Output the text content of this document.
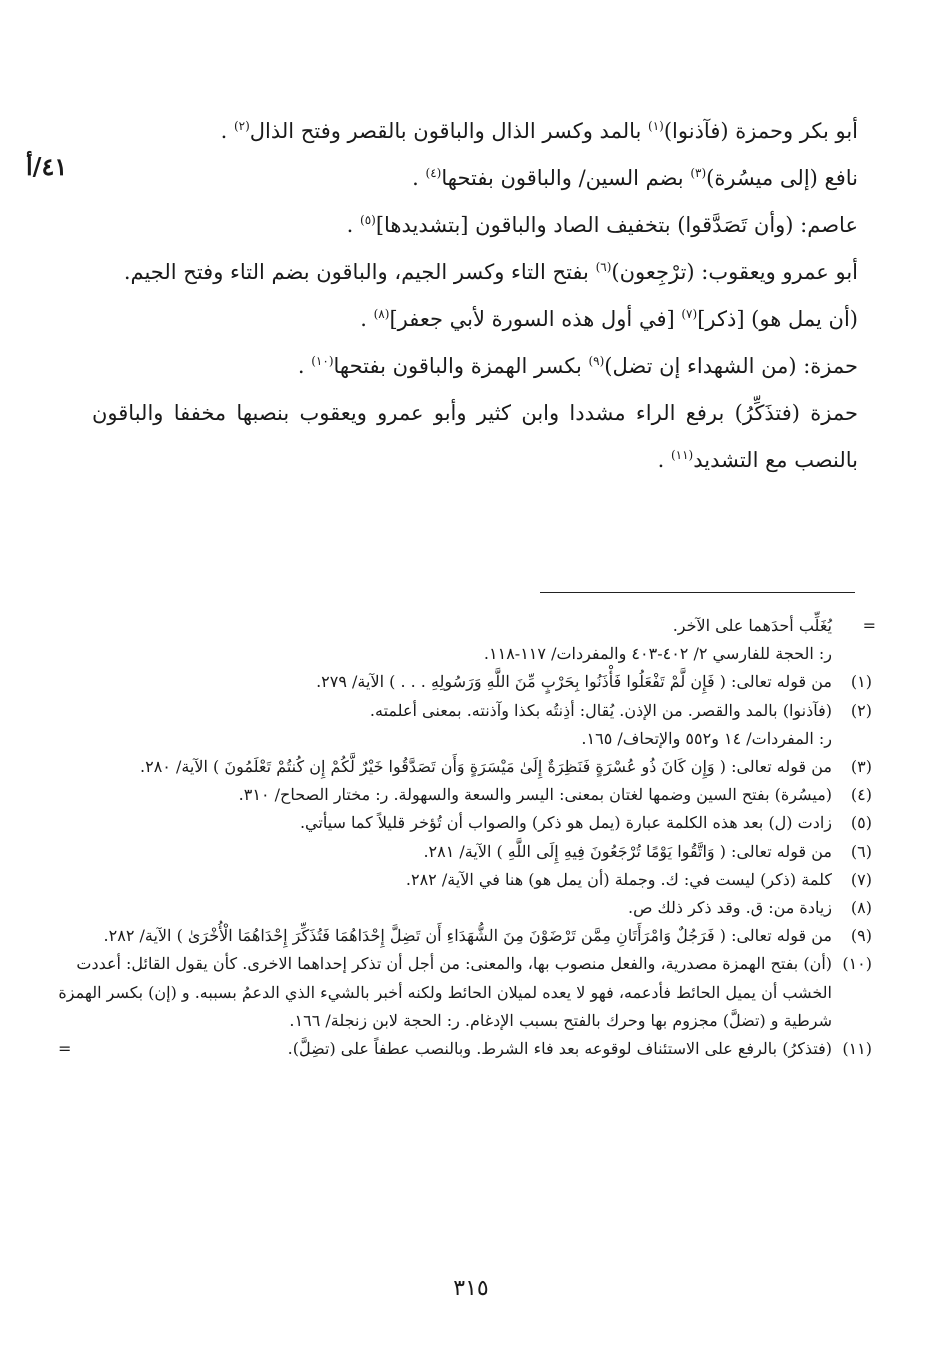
٤١/أ

أبو بكر وحمزة (فآذنوا)$^{(١)}$ بالمد وكسر الذال والباقون بالقصر وفتح الذال$^{(٢)}$ .

نافع (إلى ميسُرة)$^{(٣)}$ بضم السين/ والباقون بفتحها$^{(٤)}$ .

عاصم: (وأن تَصَدَّقوا) بتخفيف الصاد والباقون [بتشديدها]$^{(٥)}$ .

أبو عمرو ويعقوب: (ترْجِعون)$^{(٦)}$ بفتح التاء وكسر الجيم، والباقون بضم التاء وفتح الجيم.

(أن يمل هو) [ذكر]$^{(٧)}$ [في أول هذه السورة لأبي جعفر]$^{(٨)}$ .

حمزة: (من الشهداء إن تضل)$^{(٩)}$ بكسر الهمزة والباقون بفتحها$^{(١٠)}$ .

حمزة (فتذَكِّرُ) برفع الراء مشددا وابن كثير وأبو عمرو ويعقوب بنصبها مخففا والباقون بالنصب مع التشديد$^{(١١)}$ .

=
يُغَلِّب أحدَهما على الآخر.
ر: الحجة للفارسي ٢/ ٤٠٢-٤٠٣ والمفردات/ ١١٧-١١٨.
(١)
من قوله تعالى: ( فَإِن لَّمْ تَفْعَلُوا فَأْذَنُوا بِحَرْبٍ مِّنَ اللَّهِ وَرَسُولِهِ . . . ) الآية/ ٢٧٩.
(٢)
(فآذنوا) بالمد والقصر. من الإذن. يُقال: أذِنتُه بكذا وآذنته. بمعنى أعلمته.
ر: المفردات/ ١٤ و٥٥٢ والإتحاف/ ١٦٥.
(٣)
من قوله تعالى: ( وَإِن كَانَ ذُو عُسْرَةٍ فَنَظِرَةٌ إِلَىٰ مَيْسَرَةٍ وَأَن تَصَدَّقُوا خَيْرٌ لَّكُمْ إِن كُنتُمْ تَعْلَمُونَ ) الآية/ ٢٨٠.
(٤)
(ميسُرة) بفتح السين وضمها لغتان بمعنى: اليسر والسعة والسهولة. ر: مختار الصحاح/ ٣١٠.
(٥)
زادت (ل) بعد هذه الكلمة عبارة (يمل هو ذكر) والصواب أن تُؤخر قليلاً كما سيأتي.
(٦)
من قوله تعالى: ( وَاتَّقُوا يَوْمًا تُرْجَعُونَ فِيهِ إِلَى اللَّهِ ) الآية/ ٢٨١.
(٧)
كلمة (ذكر) ليست في: ك. وجملة (أن يمل هو) هنا في الآية/ ٢٨٢.
(٨)
زيادة من: ق. وقد ذكر ذلك ص.
(٩)
من قوله تعالى: ( فَرَجُلٌ وَامْرَأَتَانِ مِمَّن تَرْضَوْنَ مِنَ الشُّهَدَاءِ أَن تَضِلَّ إِحْدَاهُمَا فَتُذَكِّرَ إِحْدَاهُمَا الْأُخْرَىٰ ) الآية/ ٢٨٢.
(١٠)
(أن) بفتح الهمزة مصدرية، والفعل منصوب بها، والمعنى: من أجل أن تذكر إحداهما الاخرى. كأن يقول القائل: أعددت الخشب أن يميل الحائط فأدعمه، فهو لا يعده لميلان الحائط ولكنه أخبر بالشيء الذي الدعمُ بسببه. و (إن) بكسر الهمزة شرطية و (تضلَّ) مجزوم بها وحرك بالفتح بسبب الإدغام. ر: الحجة لابن زنجلة/ ١٦٦.
(١١)
(فتذكرُ) بالرفع على الاستئناف لوقوعه بعد فاء الشرط. وبالنصب عطفاً على (تضِلَّ).
=
٣١٥
